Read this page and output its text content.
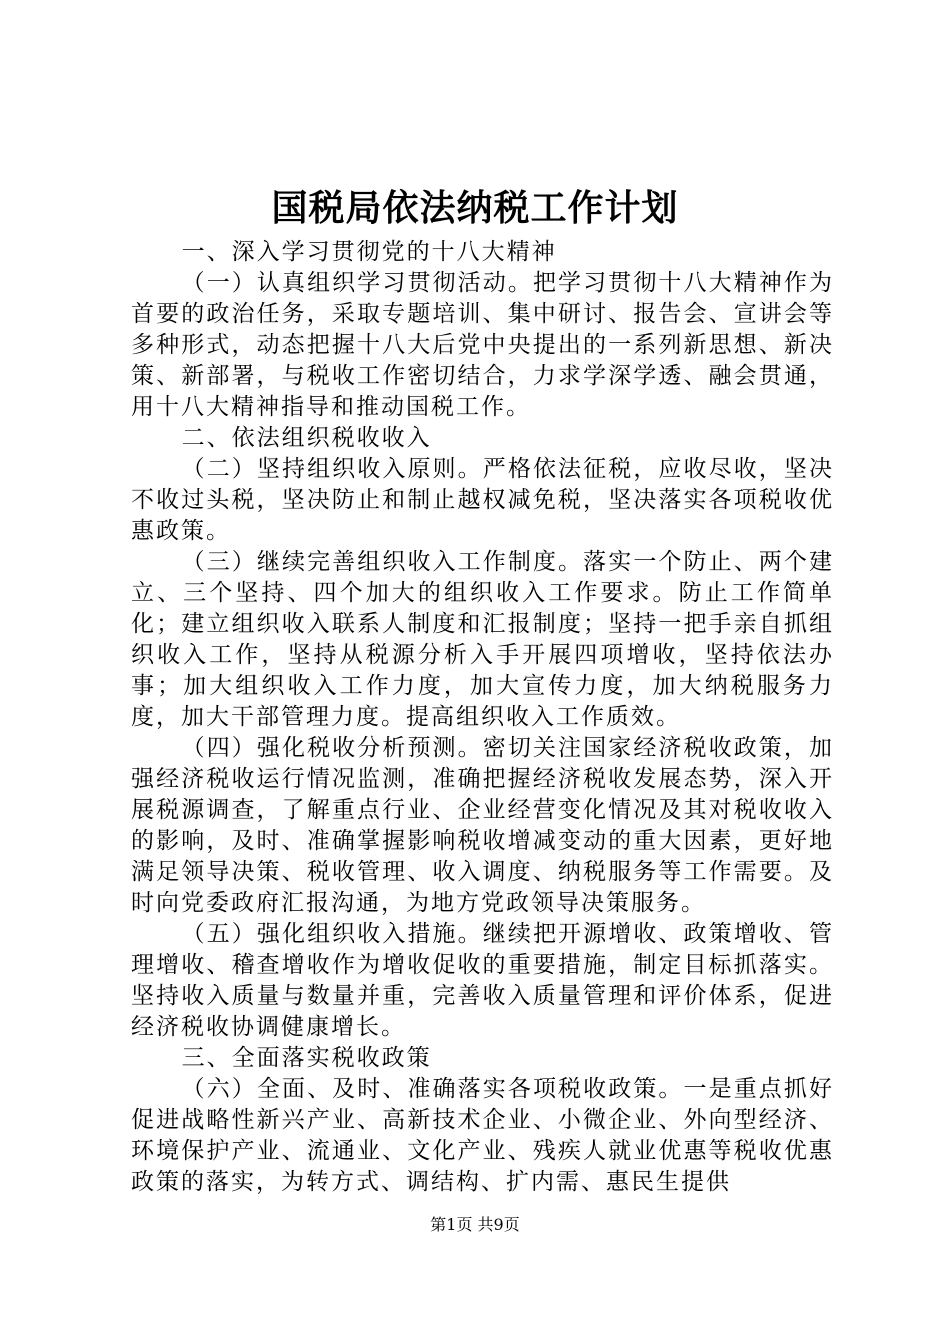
国税局依法纳税工作计划

一、深入学习贯彻党的十八大精神

（一）认真组织学习贯彻活动。把学习贯彻十八大精神作为首要的政治任务，采取专题培训、集中研讨、报告会、宣讲会等多种形式，动态把握十八大后党中央提出的一系列新思想、新决策、新部署，与税收工作密切结合，力求学深学透、融会贯通，用十八大精神指导和推动国税工作。

二、依法组织税收收入

（二）坚持组织收入原则。严格依法征税，应收尽收，坚决不收过头税，坚决防止和制止越权减免税，坚决落实各项税收优惠政策。

（三）继续完善组织收入工作制度。落实一个防止、两个建立、三个坚持、四个加大的组织收入工作要求。防止工作简单化；建立组织收入联系人制度和汇报制度；坚持一把手亲自抓组织收入工作，坚持从税源分析入手开展四项增收，坚持依法办事；加大组织收入工作力度，加大宣传力度，加大纳税服务力度，加大干部管理力度。提高组织收入工作质效。

（四）强化税收分析预测。密切关注国家经济税收政策，加强经济税收运行情况监测，准确把握经济税收发展态势，深入开展税源调查，了解重点行业、企业经营变化情况及其对税收收入的影响，及时、准确掌握影响税收增减变动的重大因素，更好地满足领导决策、税收管理、收入调度、纳税服务等工作需要。及时向党委政府汇报沟通，为地方党政领导决策服务。

（五）强化组织收入措施。继续把开源增收、政策增收、管理增收、稽查增收作为增收促收的重要措施，制定目标抓落实。坚持收入质量与数量并重，完善收入质量管理和评价体系，促进经济税收协调健康增长。

三、全面落实税收政策

（六）全面、及时、准确落实各项税收政策。一是重点抓好促进战略性新兴产业、高新技术企业、小微企业、外向型经济、环境保护产业、流通业、文化产业、残疾人就业优惠等税收优惠政策的落实，为转方式、调结构、扩内需、惠民生提供

第1页 共9页
